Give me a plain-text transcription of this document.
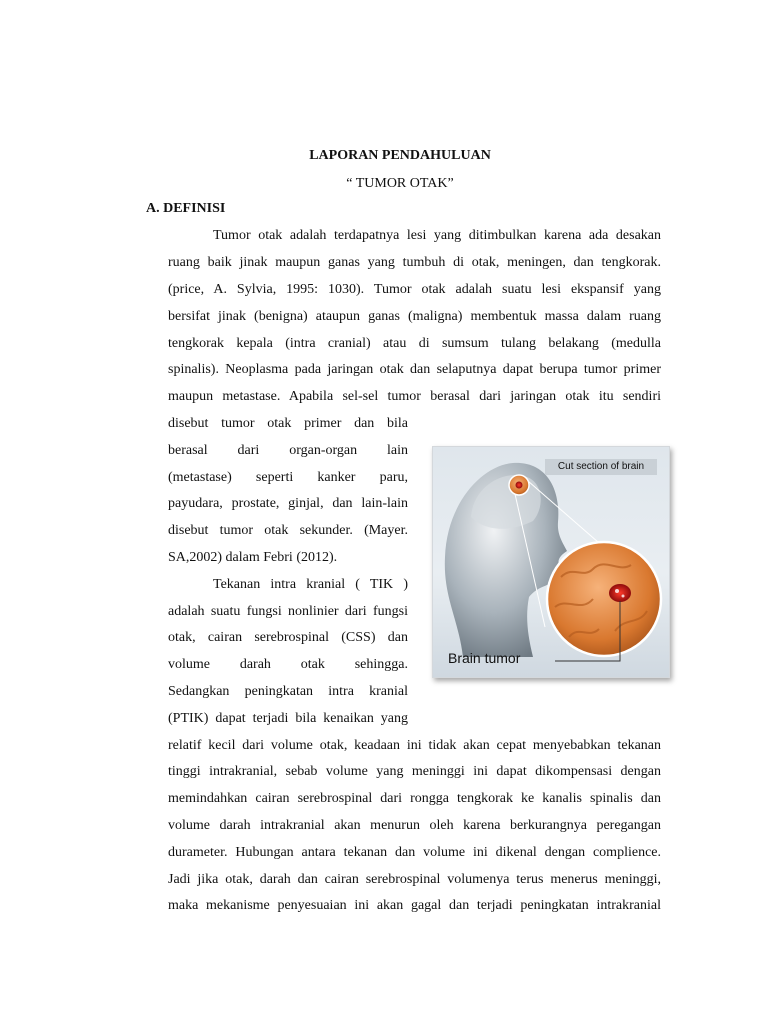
LAPORAN PENDAHULUAN
“ TUMOR OTAK”
A. DEFINISI
Tumor otak adalah terdapatnya lesi yang ditimbulkan karena ada desakan
ruang baik jinak maupun ganas yang tumbuh di otak, meningen, dan tengkorak.
(price, A. Sylvia, 1995: 1030). Tumor otak adalah suatu lesi ekspansif yang
bersifat jinak (benigna) ataupun ganas (maligna) membentuk massa dalam ruang
tengkorak kepala (intra cranial) atau di sumsum tulang belakang (medulla
spinalis). Neoplasma pada jaringan otak dan selaputnya dapat berupa tumor primer
maupun metastase. Apabila sel-sel tumor berasal dari jaringan otak itu sendiri
disebut tumor otak primer dan bila
berasal dari organ-organ lain
(metastase) seperti kanker paru,
payudara, prostate, ginjal, dan lain-lain
disebut tumor otak sekunder. (Mayer.
SA,2002) dalam Febri (2012).
Tekanan intra kranial ( TIK )
adalah suatu fungsi nonlinier dari fungsi
otak, cairan serebrospinal (CSS) dan
volume darah otak sehingga.
Sedangkan peningkatan intra kranial
(PTIK) dapat terjadi bila kenaikan yang
relatif kecil dari volume otak, keadaan ini tidak akan cepat menyebabkan tekanan
tinggi intrakranial, sebab volume yang meninggi ini dapat dikompensasi dengan
memindahkan cairan serebrospinal dari rongga tengkorak ke kanalis spinalis dan
volume darah intrakranial akan menurun oleh karena berkurangnya peregangan
durameter. Hubungan antara tekanan dan volume ini dikenal dengan complience.
Jadi jika otak, darah dan cairan serebrospinal volumenya terus menerus meninggi,
maka mekanisme penyesuaian ini akan gagal dan terjadi peningkatan intrakranial
Cut section of brain
Brain tumor
